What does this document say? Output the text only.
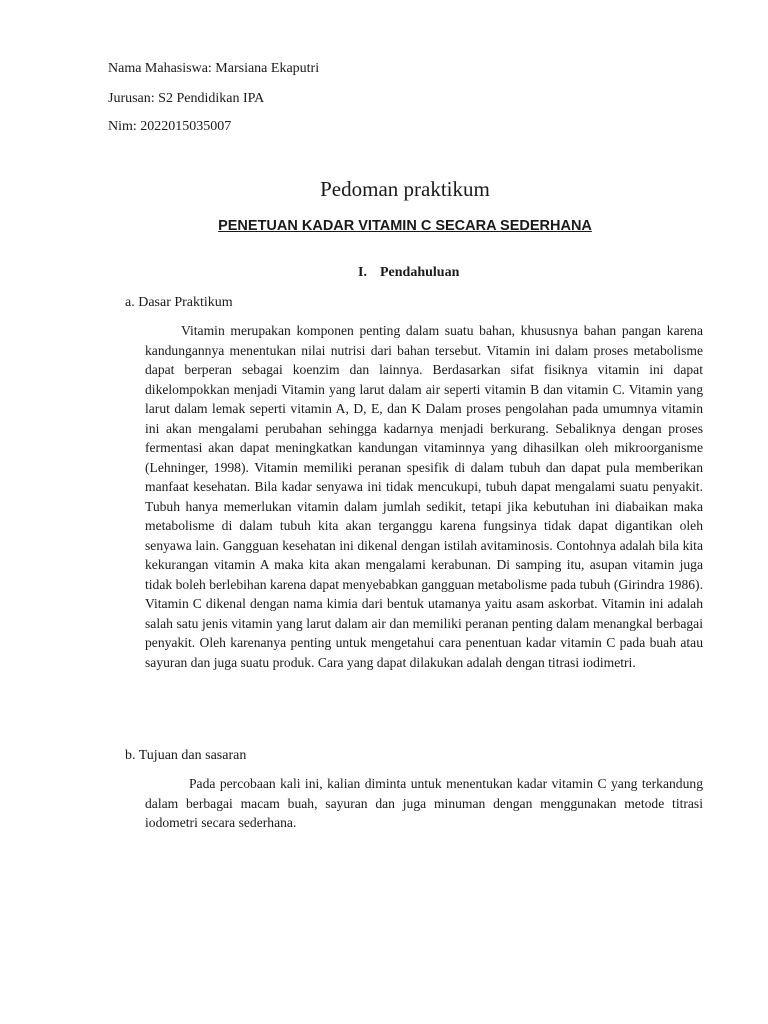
Nama Mahasiswa: Marsiana Ekaputri
Jurusan: S2 Pendidikan IPA
Nim: 2022015035007
Pedoman praktikum
PENETUAN KADAR VITAMIN C SECARA SEDERHANA
I. Pendahuluan
a. Dasar Praktikum
Vitamin merupakan komponen penting dalam suatu bahan, khususnya bahan pangan karena kandungannya menentukan nilai nutrisi dari bahan tersebut. Vitamin ini dalam proses metabolisme dapat berperan sebagai koenzim dan lainnya. Berdasarkan sifat fisiknya vitamin ini dapat dikelompokkan menjadi Vitamin yang larut dalam air seperti vitamin B dan vitamin C. Vitamin yang larut dalam lemak seperti vitamin A, D, E, dan K Dalam proses pengolahan pada umumnya vitamin ini akan mengalami perubahan sehingga kadarnya menjadi berkurang. Sebaliknya dengan proses fermentasi akan dapat meningkatkan kandungan vitaminnya yang dihasilkan oleh mikroorganisme (Lehninger, 1998). Vitamin memiliki peranan spesifik di dalam tubuh dan dapat pula memberikan manfaat kesehatan. Bila kadar senyawa ini tidak mencukupi, tubuh dapat mengalami suatu penyakit. Tubuh hanya memerlukan vitamin dalam jumlah sedikit, tetapi jika kebutuhan ini diabaikan maka metabolisme di dalam tubuh kita akan terganggu karena fungsinya tidak dapat digantikan oleh senyawa lain. Gangguan kesehatan ini dikenal dengan istilah avitaminosis. Contohnya adalah bila kita kekurangan vitamin A maka kita akan mengalami kerabunan. Di samping itu, asupan vitamin juga tidak boleh berlebihan karena dapat menyebabkan gangguan metabolisme pada tubuh (Girindra 1986). Vitamin C dikenal dengan nama kimia dari bentuk utamanya yaitu asam askorbat. Vitamin ini adalah salah satu jenis vitamin yang larut dalam air dan memiliki peranan penting dalam menangkal berbagai penyakit. Oleh karenanya penting untuk mengetahui cara penentuan kadar vitamin C pada buah atau sayuran dan juga suatu produk. Cara yang dapat dilakukan adalah dengan titrasi iodimetri.
b. Tujuan dan sasaran
Pada percobaan kali ini, kalian diminta untuk menentukan kadar vitamin C yang terkandung dalam berbagai macam buah, sayuran dan juga minuman dengan menggunakan metode titrasi iodometri secara sederhana.
